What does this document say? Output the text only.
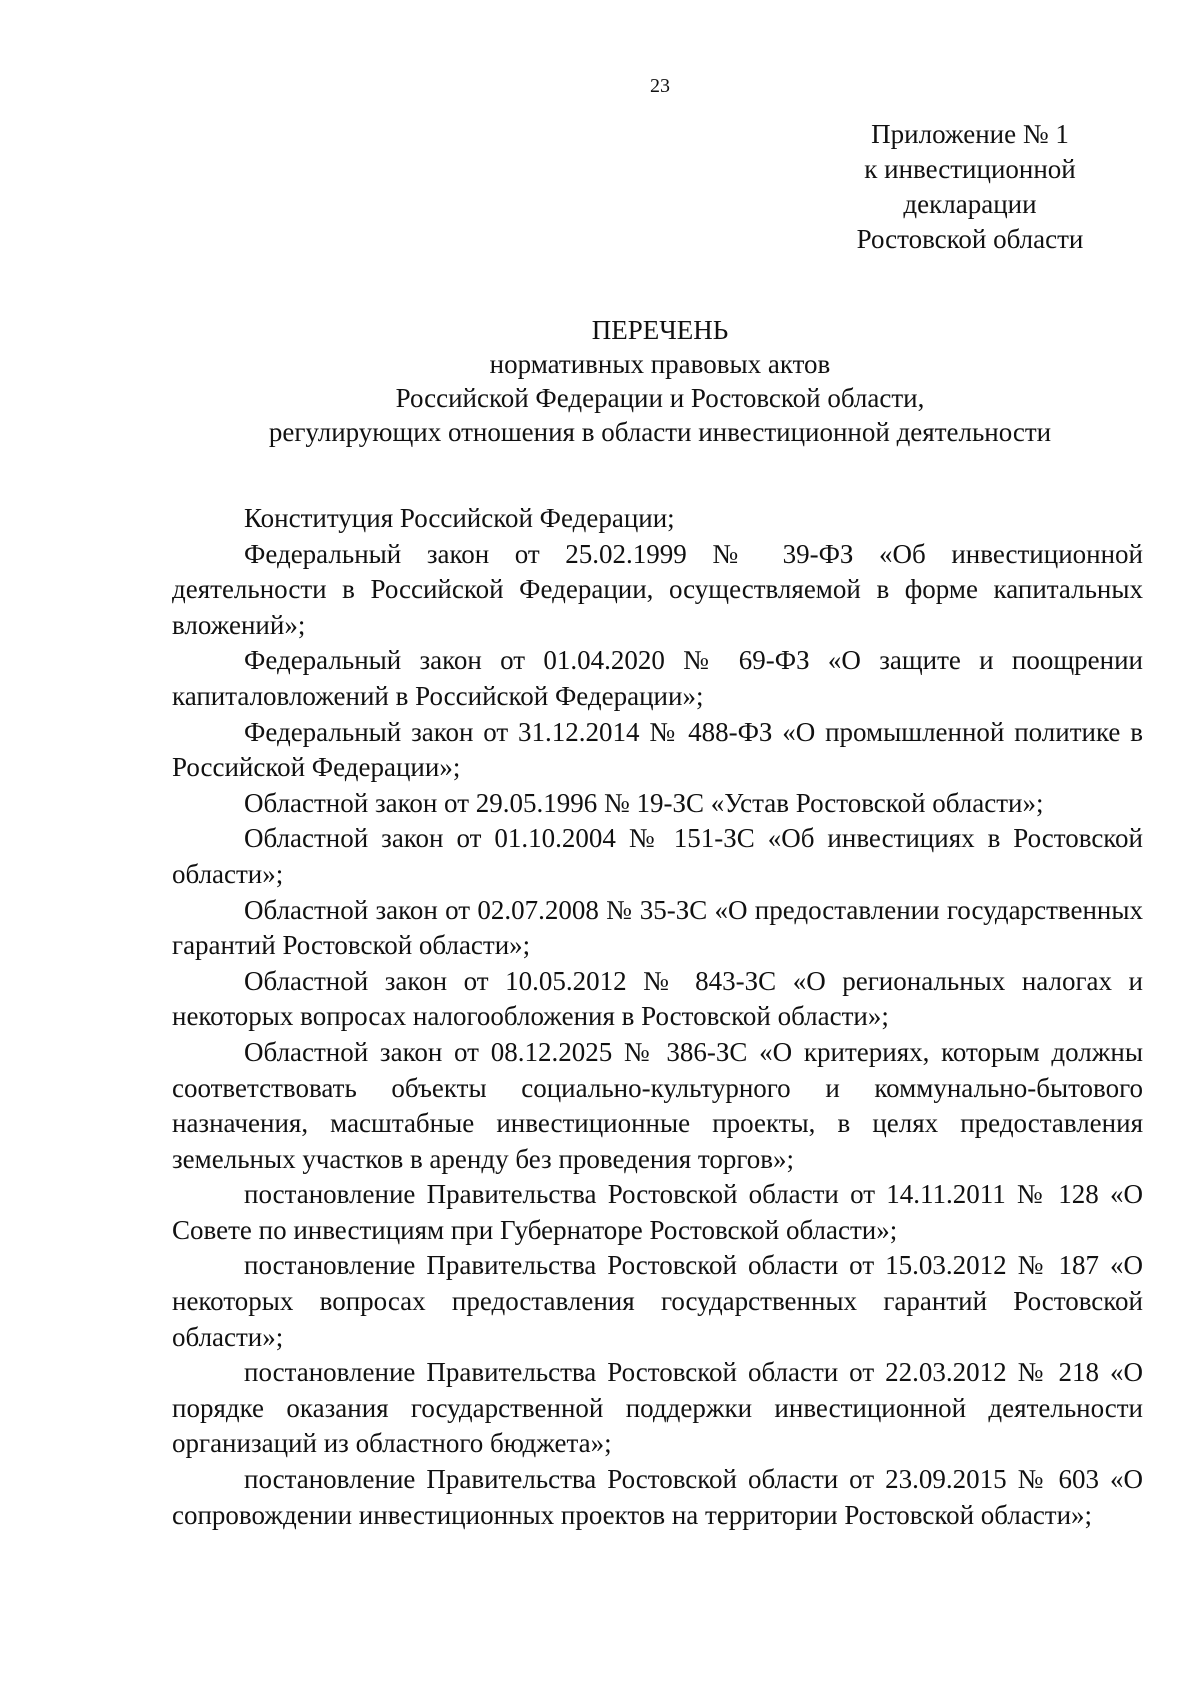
23
Приложение № 1
к инвестиционной
декларации
Ростовской области
ПЕРЕЧЕНЬ
нормативных правовых актов
Российской Федерации и Ростовской области,
регулирующих отношения в области инвестиционной деятельности

Конституция Российской Федерации;

Федеральный закон от 25.02.1999 № 39-ФЗ «Об инвестиционной деятельности в Российской Федерации, осуществляемой в форме капитальных вложений»;

Федеральный закон от 01.04.2020 № 69-ФЗ «О защите и поощрении капиталовложений в Российской Федерации»;

Федеральный закон от 31.12.2014 № 488-ФЗ «О промышленной политике в Российской Федерации»;

Областной закон от 29.05.1996 № 19-ЗС «Устав Ростовской области»;

Областной закон от 01.10.2004 № 151-ЗС «Об инвестициях в Ростовской области»;

Областной закон от 02.07.2008 № 35-ЗС «О предоставлении государственных гарантий Ростовской области»;

Областной закон от 10.05.2012 № 843-ЗС «О региональных налогах и некоторых вопросах налогообложения в Ростовской области»;

Областной закон от 08.12.2025 № 386-ЗС «О критериях, которым должны соответствовать объекты социально-культурного и коммунально-бытового назначения, масштабные инвестиционные проекты, в целях предоставления земельных участков в аренду без проведения торгов»;

постановление Правительства Ростовской области от 14.11.2011 № 128 «О Совете по инвестициям при Губернаторе Ростовской области»;

постановление Правительства Ростовской области от 15.03.2012 № 187 «О некоторых вопросах предоставления государственных гарантий Ростовской области»;

постановление Правительства Ростовской области от 22.03.2012 № 218 «О порядке оказания государственной поддержки инвестиционной деятельности организаций из областного бюджета»;

постановление Правительства Ростовской области от 23.09.2015 № 603 «О сопровождении инвестиционных проектов на территории Ростовской области»;
